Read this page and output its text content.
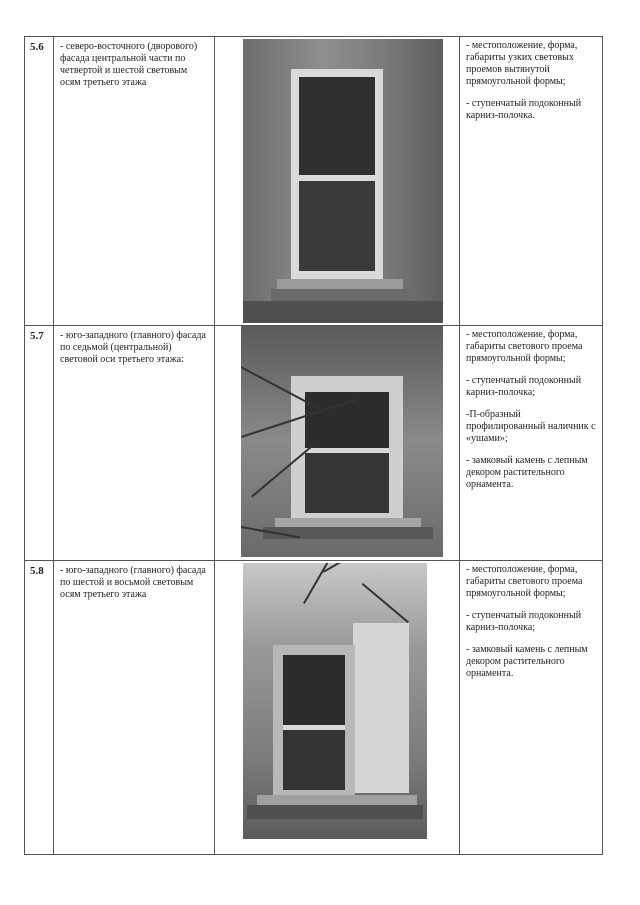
5.6	- северо-восточного (дворового) фасада центральной части по четвертой и шестой световым осям третьего этажа		- местоположение, форма, габариты узких световых проемов вытянутой прямоугольной формы;
- ступенчатый подоконный карниз-полочка.

5.7	- юго-западного (главного) фасада по седьмой (центральной) световой оси третьего этажа:		- местоположение, форма, габариты светового проема прямоугольной формы;
- ступенчатый подоконный карниз-полочка;
-П-образный профилированный наличник с «ушами»;
- замковый камень с лепным декором растительного орнамента.

5.8	- юго-западного (главного) фасада по шестой и восьмой световым осям третьего этажа		- местоположение, форма, габариты светового проема прямоугольной формы;
- ступенчатый подоконный карниз-полочка;
- замковый камень с лепным декором растительного орнамента.
